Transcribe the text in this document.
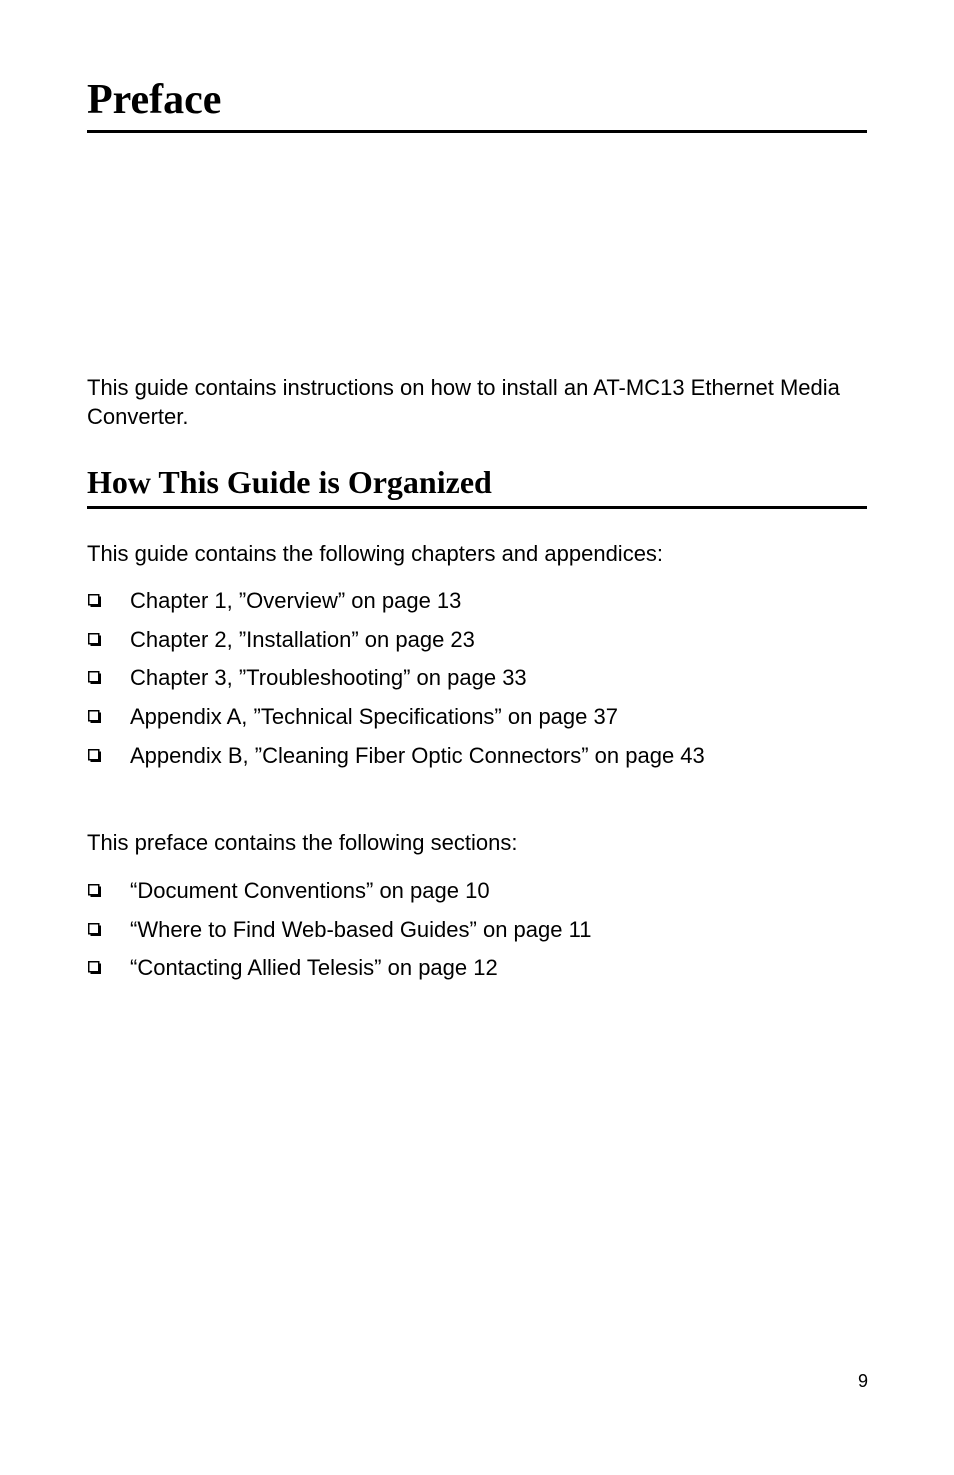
Preface

This guide contains instructions on how to install an AT-MC13 Ethernet Media Converter.

How This Guide is Organized

This guide contains the following chapters and appendices:

Chapter 1, ”Overview” on page 13
Chapter 2, ”Installation” on page 23
Chapter 3, ”Troubleshooting” on page 33
Appendix A, ”Technical Specifications” on page 37
Appendix B, ”Cleaning Fiber Optic Connectors” on page 43

This preface contains the following sections:

“Document Conventions” on page 10
“Where to Find Web-based Guides” on page 11
“Contacting Allied Telesis” on page 12

9
